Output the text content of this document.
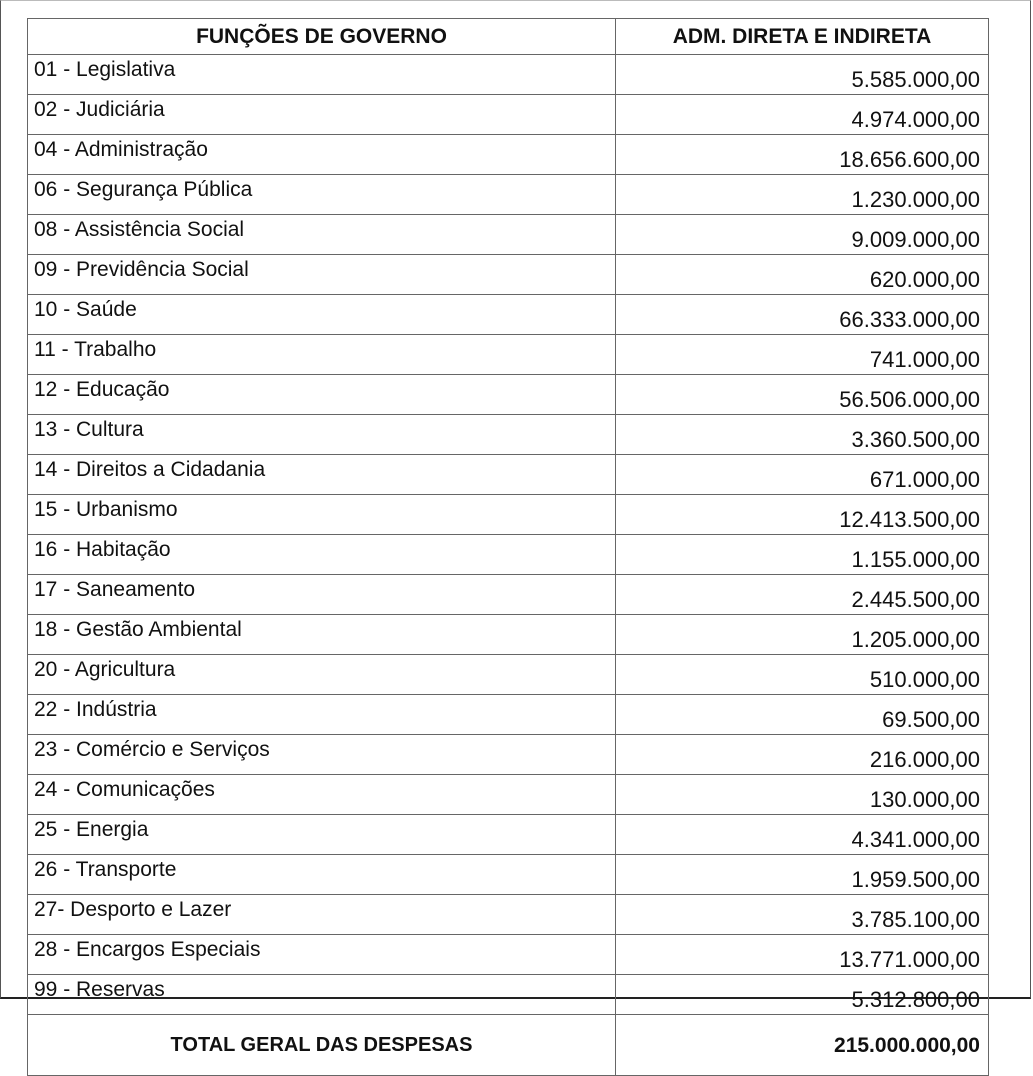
FUNÇÕES DE GOVERNO	ADM. DIRETA E INDIRETA
01 - Legislativa	5.585.000,00
02 - Judiciária	4.974.000,00
04 - Administração	18.656.600,00
06 - Segurança Pública	1.230.000,00
08 - Assistência Social	9.009.000,00
09 - Previdência Social	620.000,00
10 - Saúde	66.333.000,00
11 - Trabalho	741.000,00
12 - Educação	56.506.000,00
13 - Cultura	3.360.500,00
14 - Direitos a Cidadania	671.000,00
15 - Urbanismo	12.413.500,00
16 - Habitação	1.155.000,00
17 - Saneamento	2.445.500,00
18 - Gestão Ambiental	1.205.000,00
20 - Agricultura	510.000,00
22 - Indústria	69.500,00
23 - Comércio e Serviços	216.000,00
24 - Comunicações	130.000,00
25 - Energia	4.341.000,00
26 - Transporte	1.959.500,00
27- Desporto e Lazer	3.785.100,00
28 - Encargos Especiais	13.771.000,00
99 - Reservas	5.312.800,00
TOTAL GERAL DAS DESPESAS	215.000.000,00
